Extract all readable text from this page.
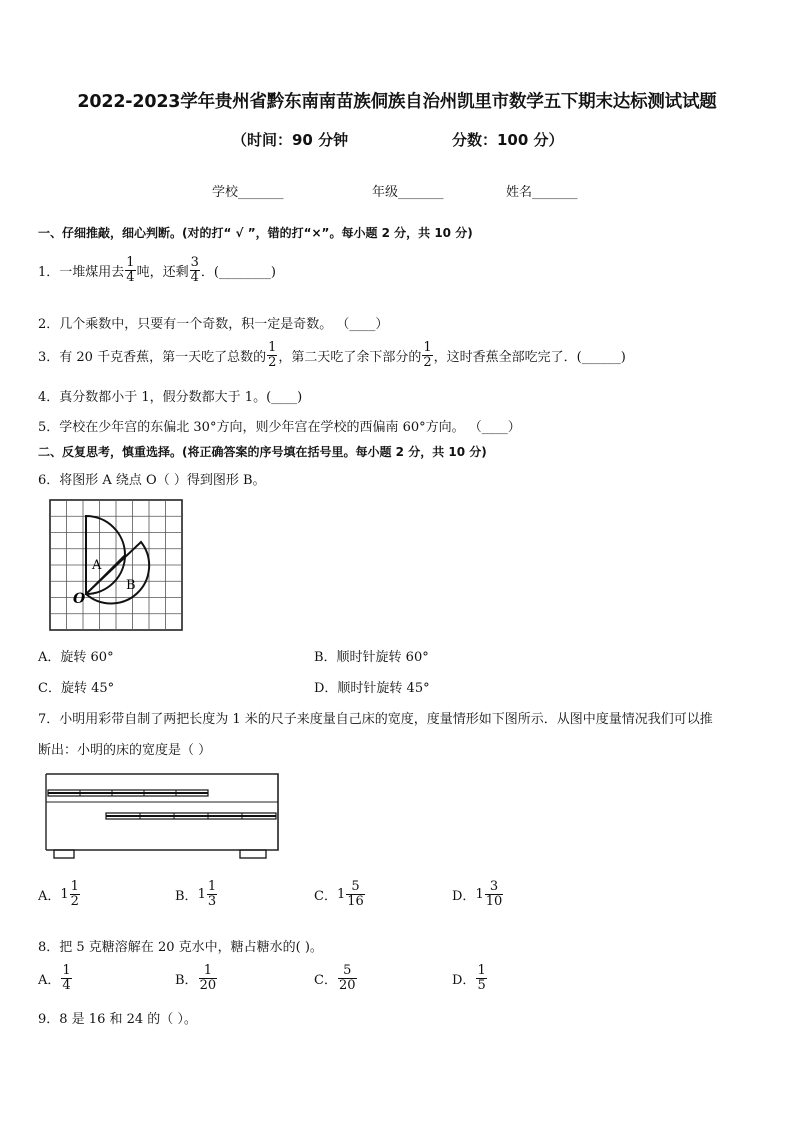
2022-2023学年贵州省黔东南南苗族侗族自治州凯里市数学五下期末达标测试试题
（时间：90 分钟	分数：100 分）
学校_______	年级_______	姓名_______
一、仔细推敲，细心判断。(对的打“ √ ”，错的打“×”。每小题 2 分，共 10 分)
1．一堆煤用去 $\frac{1}{4}$ 吨，还剩 $\frac{3}{4}$ ．(________)
2．几个乘数中，只要有一个奇数，积一定是奇数。 （____）
3．有 20 千克香蕉，第一天吃了总数的 $\frac{1}{2}$ ，第二天吃了余下部分的 $\frac{1}{2}$ ，这时香蕉全部吃完了．(______)
4．真分数都小于 1，假分数都大于 1。(____)
5．学校在少年宫的东偏北 30°方向，则少年宫在学校的西偏南 60°方向。 （____）
二、反复思考，慎重选择。(将正确答案的序号填在括号里。每小题 2 分，共 10 分)
6．将图形 A 绕点 O（ ）得到图形 B。
A
B
O
A．旋转 60°	B．顺时针旋转 60°
C．旋转 45°	D．顺时针旋转 45°
7．小明用彩带自制了两把长度为 1 米的尺子来度量自己床的宽度，度量情形如下图所示．从图中度量情况我们可以推
断出：小明的床的宽度是（ ）
A． $1 \frac{1}{2}$	B． $1 \frac{1}{3}$	C． $1 \frac{5}{16}$	D． $1 \frac{3}{10}$
8．把 5 克糖溶解在 20 克水中，糖占糖水的( )。
A． $\frac{1}{4}$	B． $\frac{1}{20}$	C． $\frac{5}{20}$	D． $\frac{1}{5}$
9．8 是 16 和 24 的（ ）。
